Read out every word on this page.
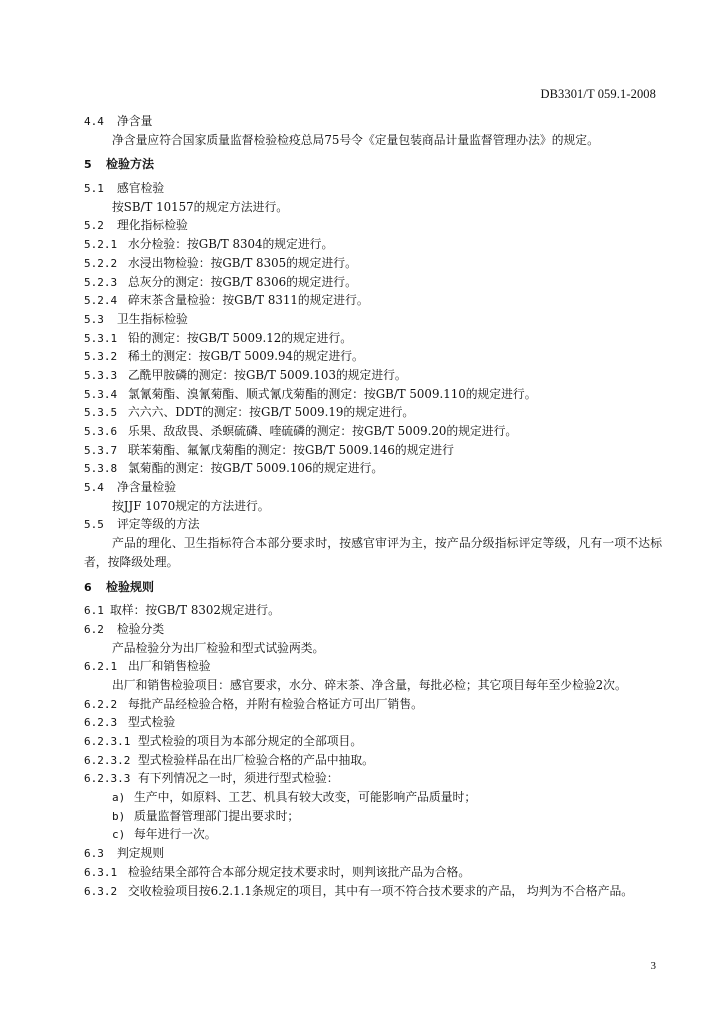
DB3301/T 059.1-2008
4.4 净含量
净含量应符合国家质量监督检验检疫总局75号令《定量包装商品计量监督管理办法》的规定。
5 检验方法
5.1 感官检验
按SB/T 10157的规定方法进行。
5.2 理化指标检验
5.2.1 水分检验：按GB/T 8304的规定进行。
5.2.2 水浸出物检验：按GB/T 8305的规定进行。
5.2.3 总灰分的测定：按GB/T 8306的规定进行。
5.2.4 碎末茶含量检验：按GB/T 8311的规定进行。
5.3 卫生指标检验
5.3.1 铅的测定：按GB/T 5009.12的规定进行。
5.3.2 稀土的测定：按GB/T 5009.94的规定进行。
5.3.3 乙酰甲胺磷的测定：按GB/T 5009.103的规定进行。
5.3.4 氯氰菊酯、溴氰菊酯、顺式氰戊菊酯的测定：按GB/T 5009.110的规定进行。
5.3.5 六六六、DDT的测定：按GB/T 5009.19的规定进行。
5.3.6 乐果、敌敌畏、杀螟硫磷、喹硫磷的测定：按GB/T 5009.20的规定进行。
5.3.7 联苯菊酯、氟氰戊菊酯的测定：按GB/T 5009.146的规定进行
5.3.8 氯菊酯的测定：按GB/T 5009.106的规定进行。
5.4 净含量检验
按JJF 1070规定的方法进行。
5.5 评定等级的方法
产品的理化、卫生指标符合本部分要求时，按感官审评为主，按产品分级指标评定等级，凡有一项不达标者，按降级处理。
6 检验规则
6.1 取样：按GB/T 8302规定进行。
6.2 检验分类
产品检验分为出厂检验和型式试验两类。
6.2.1 出厂和销售检验
出厂和销售检验项目：感官要求，水分、碎末茶、净含量，每批必检；其它项目每年至少检验2次。
6.2.2 每批产品经检验合格，并附有检验合格证方可出厂销售。
6.2.3 型式检验
6.2.3.1 型式检验的项目为本部分规定的全部项目。
6.2.3.2 型式检验样品在出厂检验合格的产品中抽取。
6.2.3.3 有下列情况之一时，须进行型式检验：
a) 生产中，如原料、工艺、机具有较大改变，可能影响产品质量时；
b) 质量监督管理部门提出要求时；
c) 每年进行一次。
6.3 判定规则
6.3.1 检验结果全部符合本部分规定技术要求时，则判该批产品为合格。
6.3.2 交收检验项目按6.2.1.1条规定的项目，其中有一项不符合技术要求的产品， 均判为不合格产品。
3
